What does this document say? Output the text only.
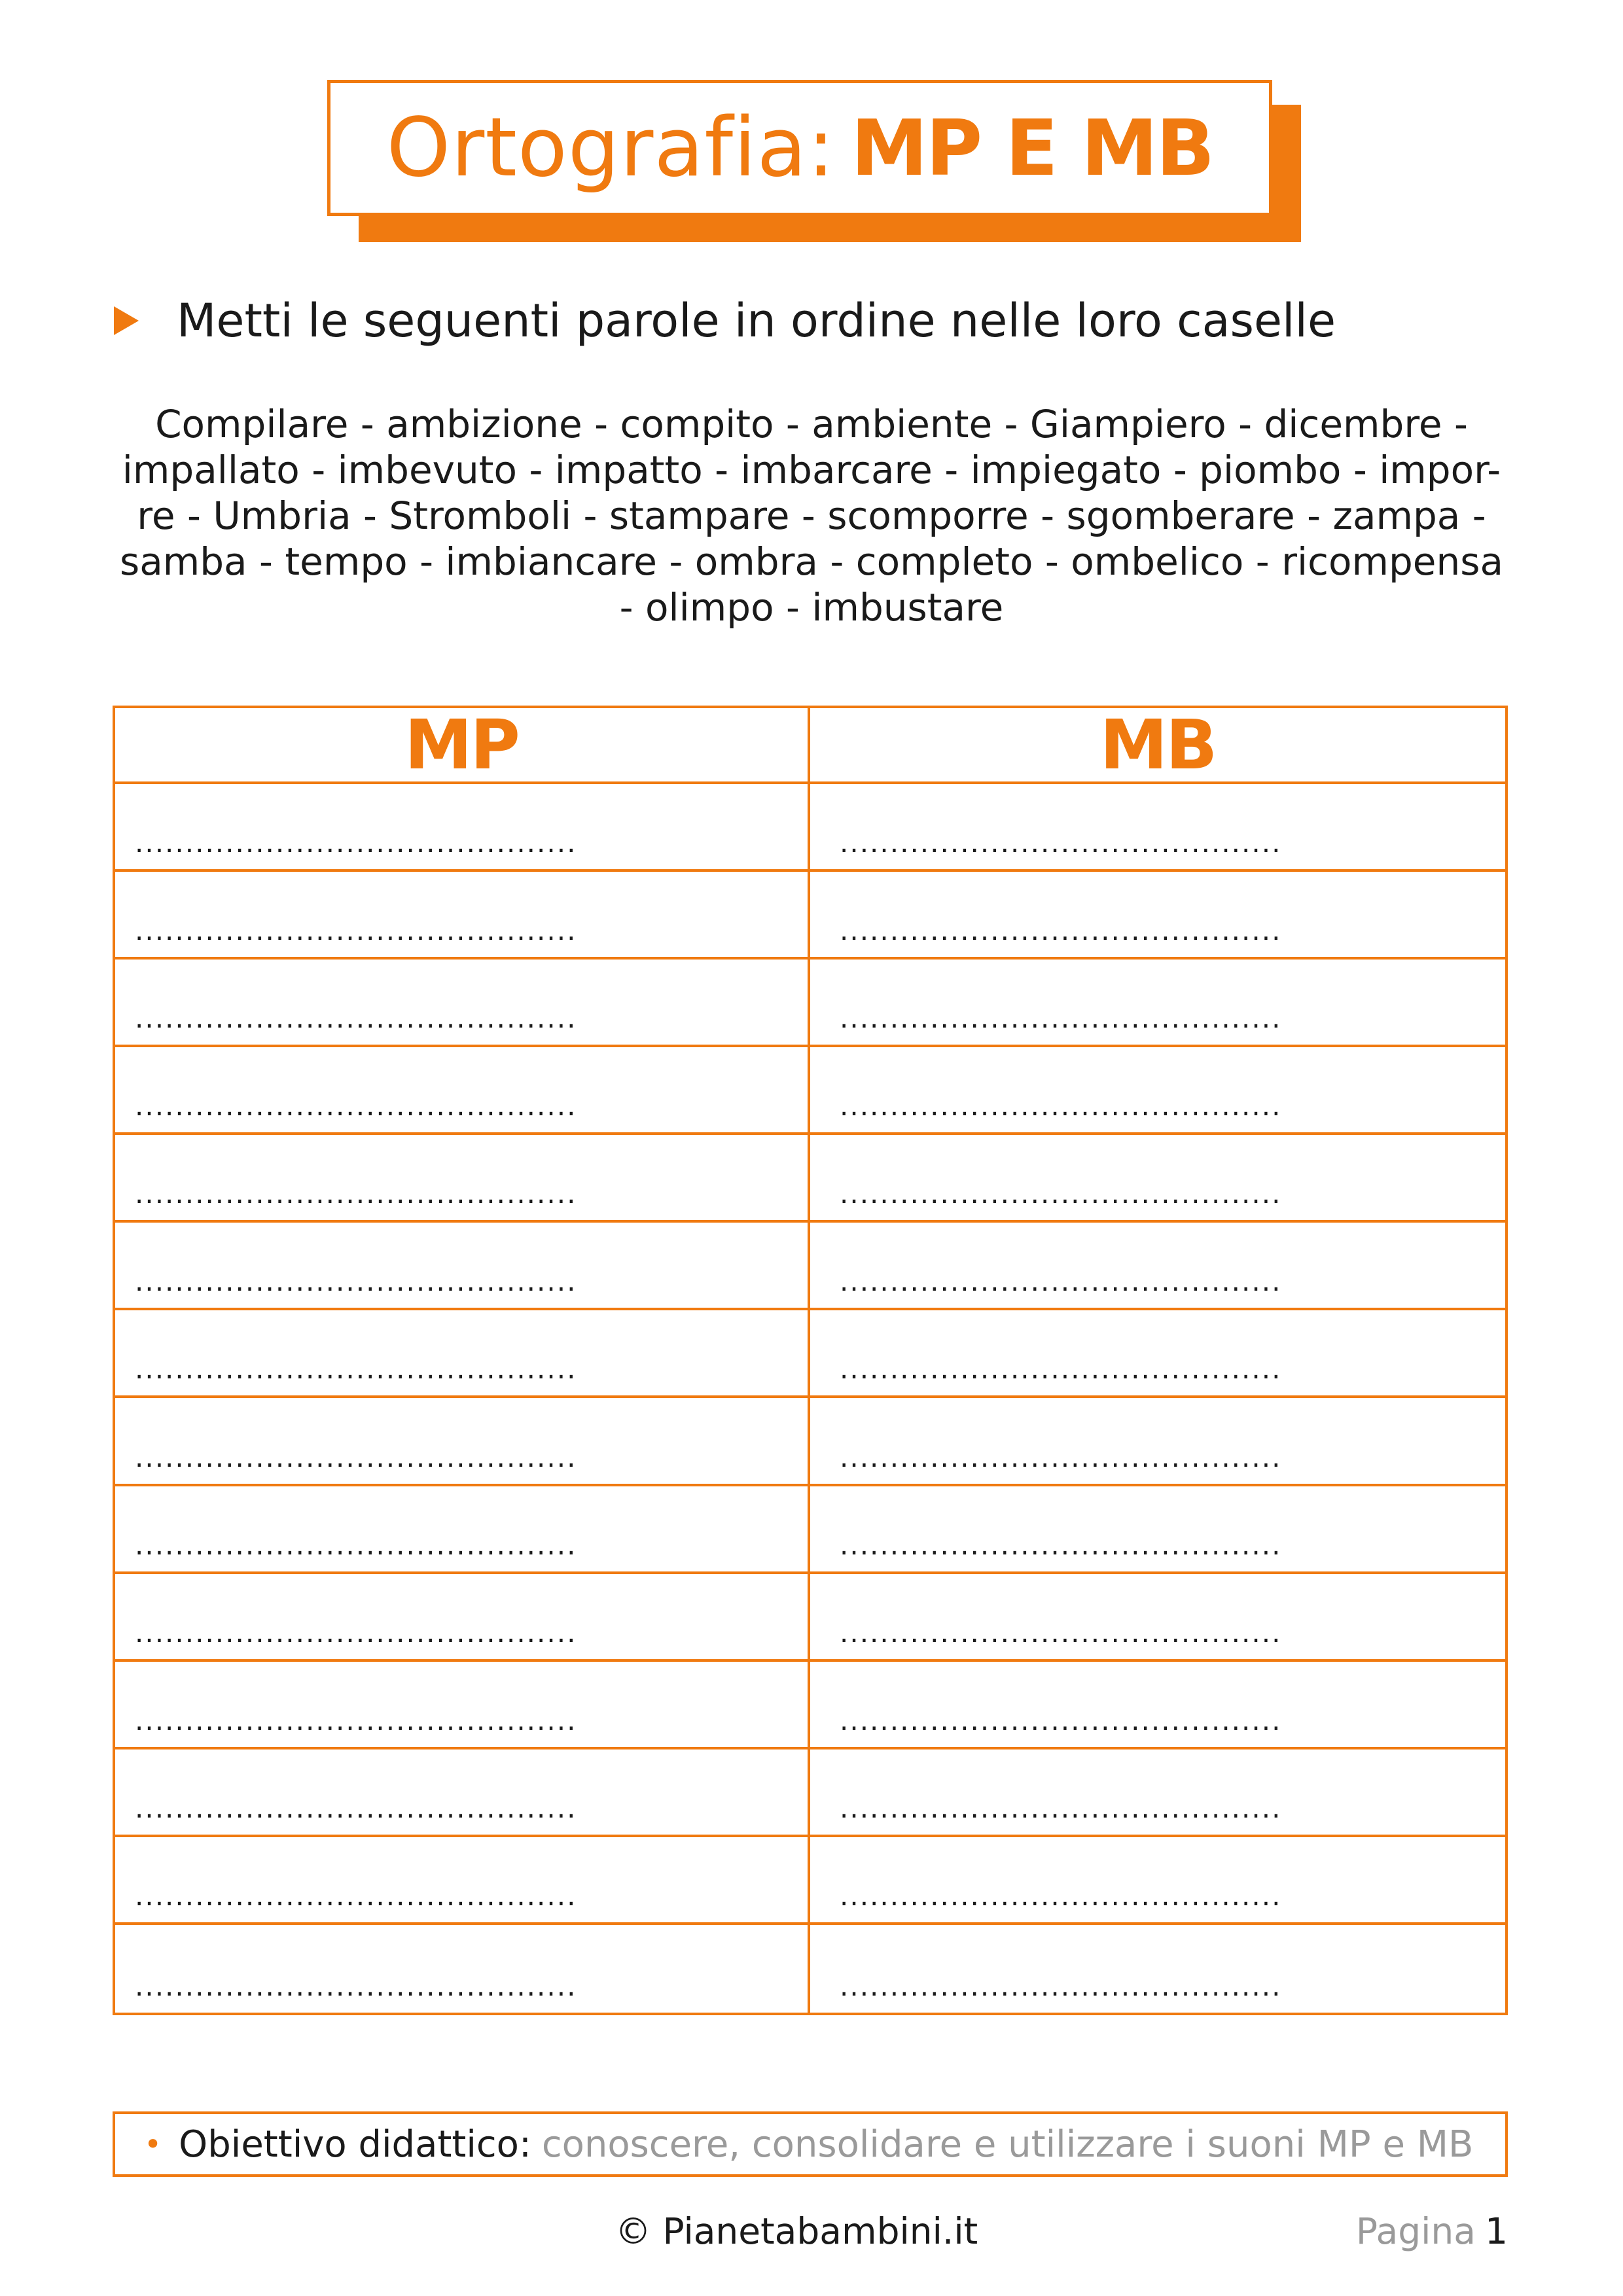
Ortografia: MP E MB
Metti le seguenti parole in ordine nelle loro caselle
Compilare - ambizione - compito - ambiente - Giampiero - dicembre -
impallato - imbevuto - impatto - imbarcare - impiegato - piombo - impor-
re - Umbria - Stromboli - stampare - scomporre - sgomberare - zampa -
samba - tempo - imbiancare - ombra - completo - ombelico - ricompensa
- olimpo - imbustare
MP	MB
............................................	............................................
............................................	............................................
............................................	............................................
............................................	............................................
............................................	............................................
............................................	............................................
............................................	............................................
............................................	............................................
............................................	............................................
............................................	............................................
............................................	............................................
............................................	............................................
............................................	............................................
............................................	............................................
• Obiettivo didattico: conoscere, consolidare e utilizzare i suoni MP e MB
© Pianetabambini.it	Pagina 1
